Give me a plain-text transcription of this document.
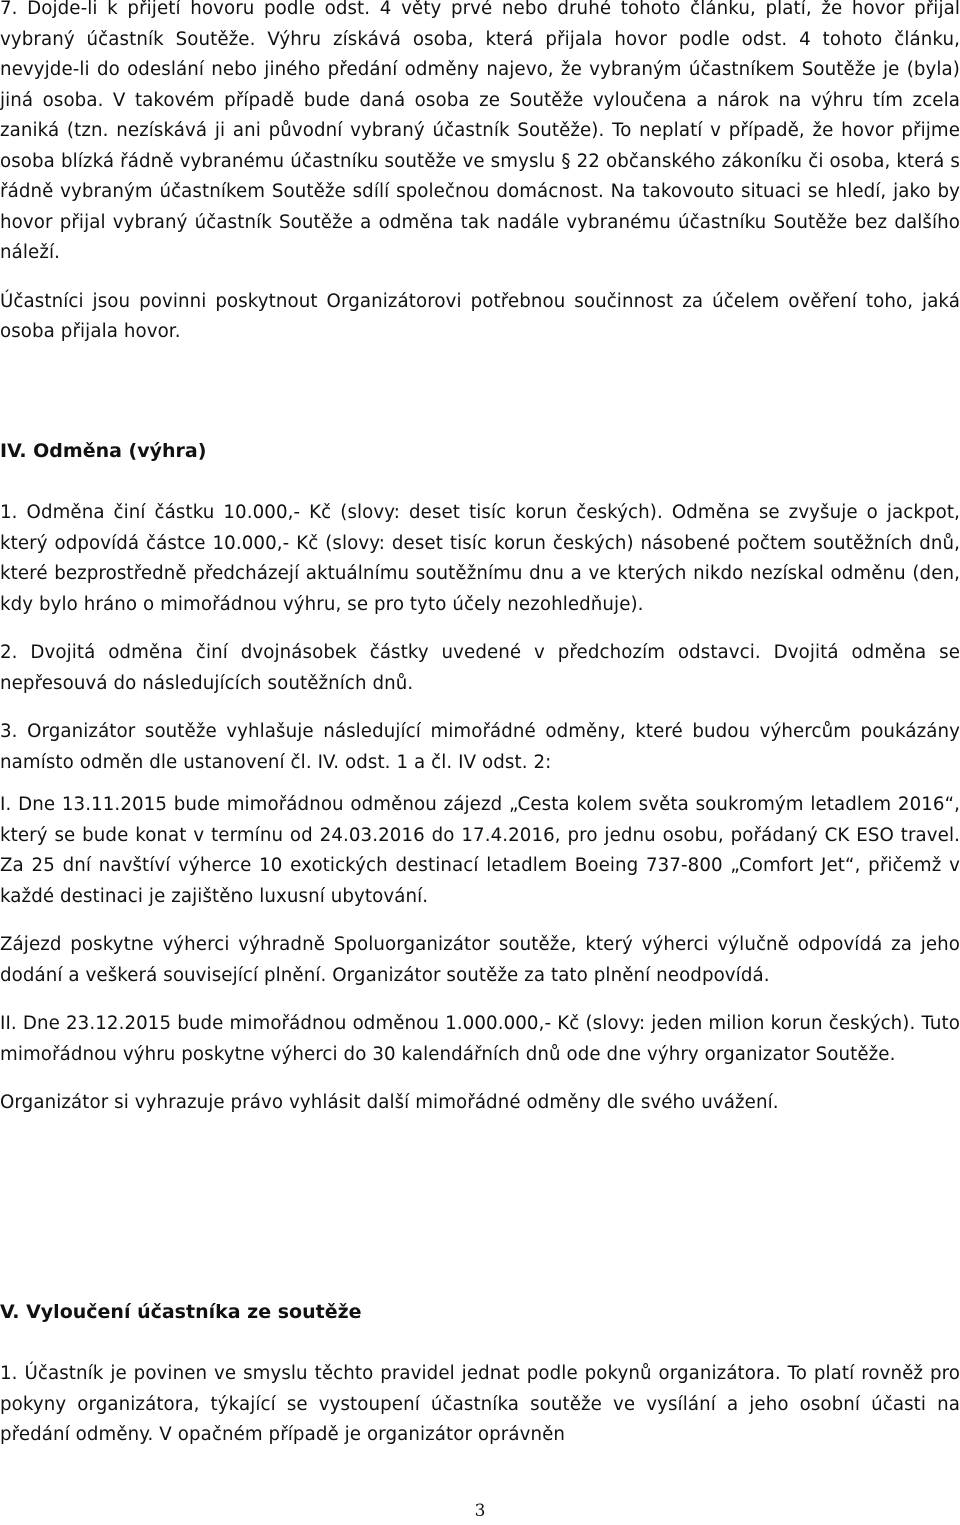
7. Dojde-li k přijetí hovoru podle odst. 4 věty prvé nebo druhé tohoto článku, platí, že hovor přijal vybraný účastník Soutěže. Výhru získává osoba, která přijala hovor podle odst. 4 tohoto článku, nevyjde-li do odeslání nebo jiného předání odměny najevo, že vybraným účastníkem Soutěže je (byla) jiná osoba. V takovém případě bude daná osoba ze Soutěže vyloučena a nárok na výhru tím zcela zaniká (tzn. nezískává ji ani původní vybraný účastník Soutěže). To neplatí v případě, že hovor přijme osoba blízká řádně vybranému účastníku soutěže ve smyslu § 22 občanského zákoníku či osoba, která s řádně vybraným účastníkem Soutěže sdílí společnou domácnost. Na takovouto situaci se hledí, jako by hovor přijal vybraný účastník Soutěže a odměna tak nadále vybranému účastníku Soutěže bez dalšího náleží.

Účastníci jsou povinni poskytnout Organizátorovi potřebnou součinnost za účelem ověření toho, jaká osoba přijala hovor.

IV. Odměna (výhra)

1. Odměna činí částku 10.000,- Kč (slovy: deset tisíc korun českých). Odměna se zvyšuje o jackpot, který odpovídá částce 10.000,- Kč (slovy: deset tisíc korun českých) násobené počtem soutěžních dnů, které bezprostředně předcházejí aktuálnímu soutěžnímu dnu a ve kterých nikdo nezískal odměnu (den, kdy bylo hráno o mimořádnou výhru, se pro tyto účely nezohledňuje).

2. Dvojitá odměna činí dvojnásobek částky uvedené v předchozím odstavci. Dvojitá odměna se nepřesouvá do následujících soutěžních dnů.

3. Organizátor soutěže vyhlašuje následující mimořádné odměny, které budou výhercům poukázány namísto odměn dle ustanovení čl. IV. odst. 1 a čl. IV odst. 2:

I. Dne 13.11.2015 bude mimořádnou odměnou zájezd „Cesta kolem světa soukromým letadlem 2016“, který se bude konat v termínu od 24.03.2016 do 17.4.2016, pro jednu osobu, pořádaný CK ESO travel. Za 25 dní navštíví výherce 10 exotických destinací letadlem Boeing 737-800 „Comfort Jet“, přičemž v každé destinaci je zajištěno luxusní ubytování.

Zájezd poskytne výherci výhradně Spoluorganizátor soutěže, který výherci výlučně odpovídá za jeho dodání a veškerá související plnění. Organizátor soutěže za tato plnění neodpovídá.

II. Dne 23.12.2015 bude mimořádnou odměnou 1.000.000,- Kč (slovy: jeden milion korun českých). Tuto mimořádnou výhru poskytne výherci do 30 kalendářních dnů ode dne výhry organizator Soutěže.

Organizátor si vyhrazuje právo vyhlásit další mimořádné odměny dle svého uvážení.

V. Vyloučení účastníka ze soutěže

1. Účastník je povinen ve smyslu těchto pravidel jednat podle pokynů organizátora. To platí rovněž pro pokyny organizátora, týkající se vystoupení účastníka soutěže ve vysílání a jeho osobní účasti na předání odměny. V opačném případě je organizátor oprávněn

3
